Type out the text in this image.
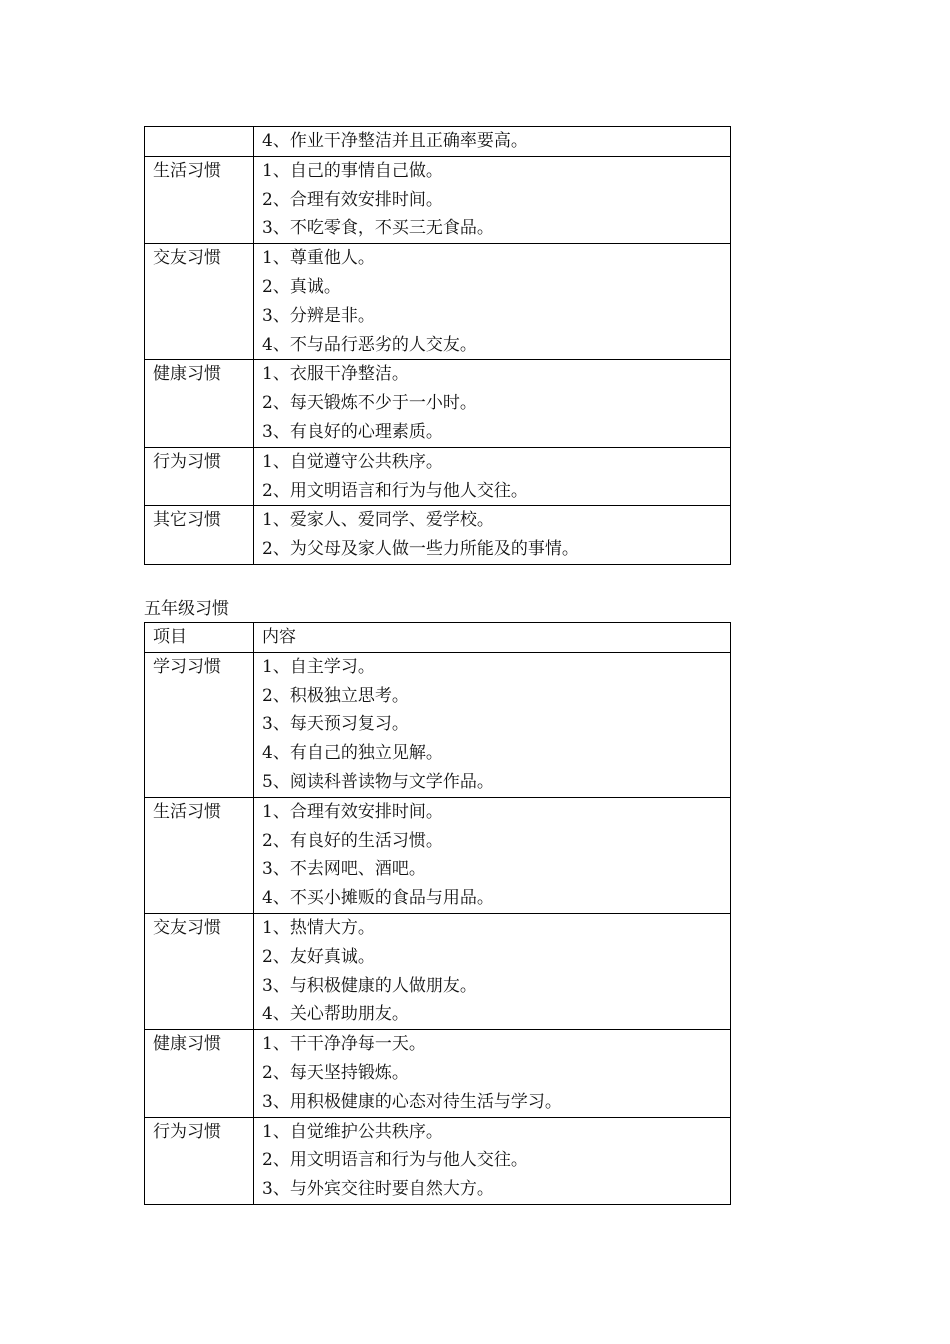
	4、作业干净整洁并且正确率要高。

生活习惯	1、自己的事情自己做。
2、合理有效安排时间。
3、不吃零食，不买三无食品。

交友习惯	1、尊重他人。
2、真诚。
3、分辨是非。
4、不与品行恶劣的人交友。

健康习惯	1、衣服干净整洁。
2、每天锻炼不少于一小时。
3、有良好的心理素质。

行为习惯	1、自觉遵守公共秩序。
2、用文明语言和行为与他人交往。

其它习惯	1、爱家人、爱同学、爱学校。
2、为父母及家人做一些力所能及的事情。
五年级习惯
项目	内容
学习习惯	1、自主学习。
2、积极独立思考。
3、每天预习复习。
4、有自己的独立见解。
5、阅读科普读物与文学作品。

生活习惯	1、合理有效安排时间。
2、有良好的生活习惯。
3、不去网吧、酒吧。
4、不买小摊贩的食品与用品。

交友习惯	1、热情大方。
2、友好真诚。
3、与积极健康的人做朋友。
4、关心帮助朋友。

健康习惯	1、干干净净每一天。
2、每天坚持锻炼。
3、用积极健康的心态对待生活与学习。

行为习惯	1、自觉维护公共秩序。
2、用文明语言和行为与他人交往。
3、与外宾交往时要自然大方。
